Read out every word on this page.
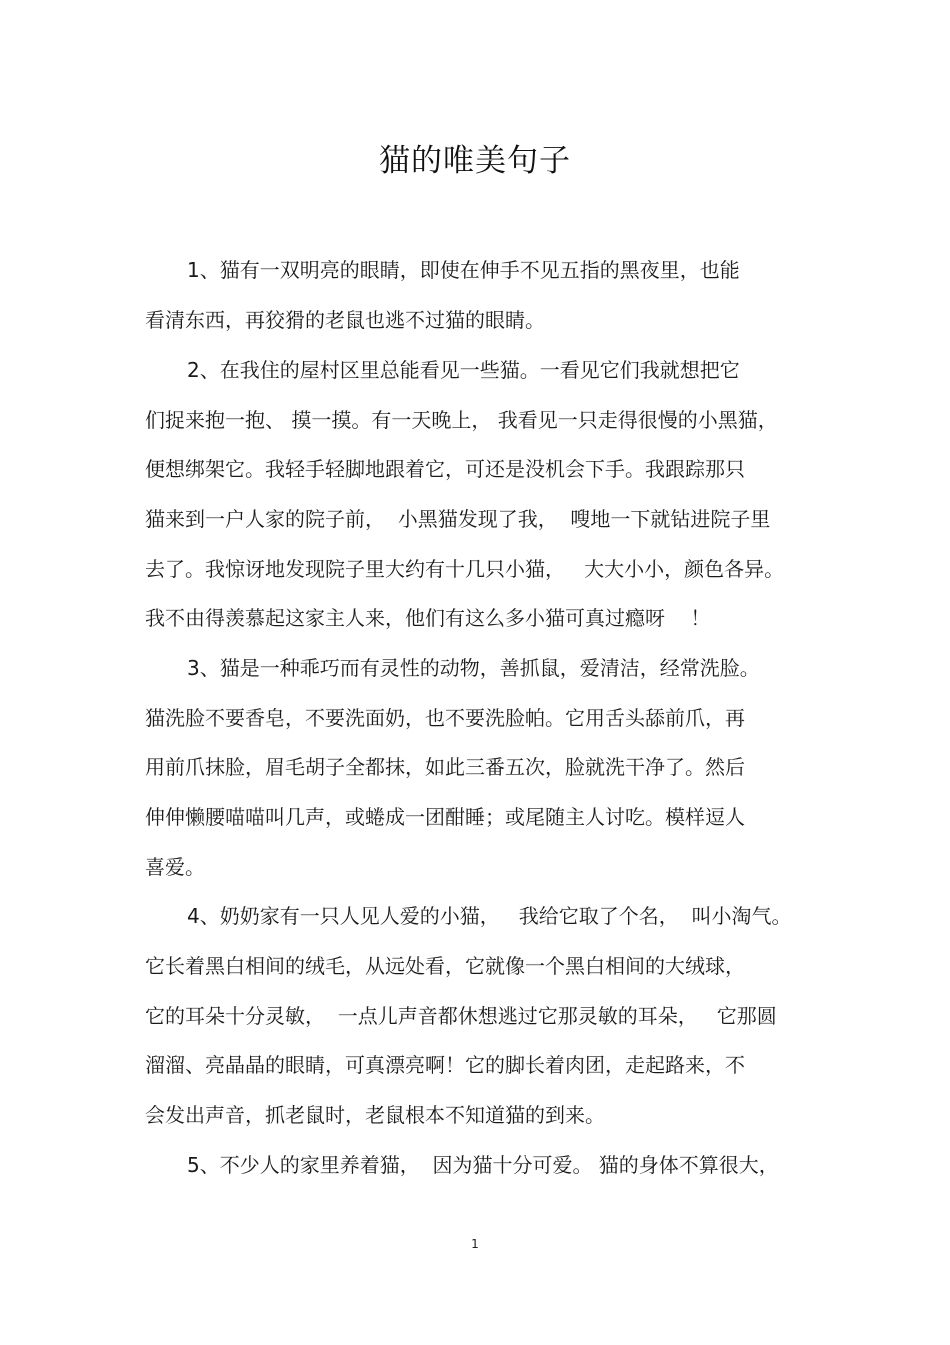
猫的唯美句子
1、猫有一双明亮的眼睛，即使在伸手不见五指的黑夜里，也能
看清东西，再狡猾的老鼠也逃不过猫的眼睛。
2、在我住的屋村区里总能看见一些猫。一看见它们我就想把它
们捉来抱一抱、 摸一摸。有一天晚上， 我看见一只走得很慢的小黑猫，
便想绑架它。我轻手轻脚地跟着它，可还是没机会下手。我跟踪那只
猫来到一户人家的院子前，  小黑猫发现了我，  嗖地一下就钻进院子里
去了。我惊讶地发现院子里大约有十几只小猫，   大大小小，颜色各异。
我不由得羡慕起这家主人来，他们有这么多小猫可真过瘾呀    ！
3、猫是一种乖巧而有灵性的动物，善抓鼠，爱清洁，经常洗脸。
猫洗脸不要香皂，不要洗面奶，也不要洗脸帕。它用舌头舔前爪，再
用前爪抹脸，眉毛胡子全都抹，如此三番五次，脸就洗干净了。然后
伸伸懒腰喵喵叫几声，或蜷成一团酣睡；或尾随主人讨吃。模样逗人
喜爱。
4、奶奶家有一只人见人爱的小猫，   我给它取了个名，  叫小淘气。
它长着黑白相间的绒毛，从远处看，它就像一个黑白相间的大绒球，
它的耳朵十分灵敏，  一点儿声音都休想逃过它那灵敏的耳朵，   它那圆
溜溜、亮晶晶的眼睛，可真漂亮啊！它的脚长着肉团，走起路来，不
会发出声音，抓老鼠时，老鼠根本不知道猫的到来。
5、不少人的家里养着猫，  因为猫十分可爱。 猫的身体不算很大，
1
